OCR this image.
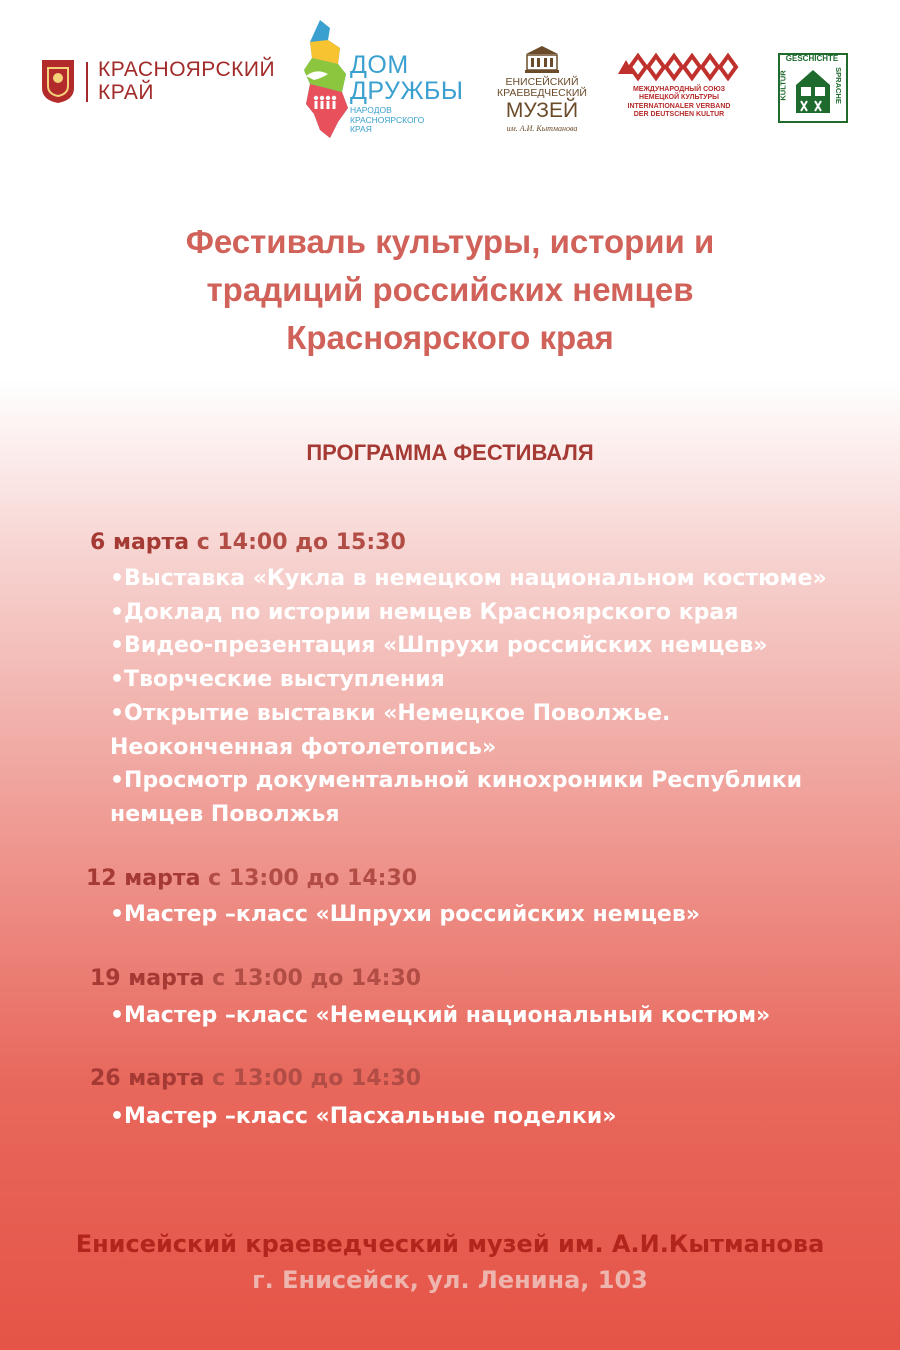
КРАСНОЯРСКИЙ
КРАЙ
ДОМ
ДРУЖБЫ
НАРОДОВ
КРАСНОЯРСКОГО
КРАЯ
ЕНИСЕЙСКИЙ
КРАЕВЕДЧЕСКИЙ
МУЗЕЙ
им. А.И. Кытманова
МЕЖДУНАРОДНЫЙ СОЮЗ
НЕМЕЦКОЙ КУЛЬТУРЫ
INTERNATIONALER VERBAND
DER DEUTSCHEN KULTUR
GESCHICHTE
KULTUR	SPRACHE
Фестиваль культуры, истории и
традиций российских немцев
Красноярского края
ПРОГРАММА ФЕСТИВАЛЯ
6 марта с 14:00 до 15:30
•Выставка «Кукла в немецком национальном костюме»
•Доклад по истории немцев Красноярского края
•Видео-презентация «Шпрухи российских немцев»
•Творческие выступления
•Открытие выставки «Немецкое Поволжье.
Неоконченная фотолетопись»
•Просмотр документальной кинохроники Республики
немцев Поволжья
12 марта с 13:00 до 14:30
•Мастер –класс «Шпрухи российских немцев»
19 марта с 13:00 до 14:30
•Мастер –класс «Немецкий национальный костюм»
26 марта с 13:00 до 14:30
•Мастер –класс «Пасхальные поделки»
Енисейский краеведческий музей им. А.И.Кытманова
г. Енисейск, ул. Ленина, 103
